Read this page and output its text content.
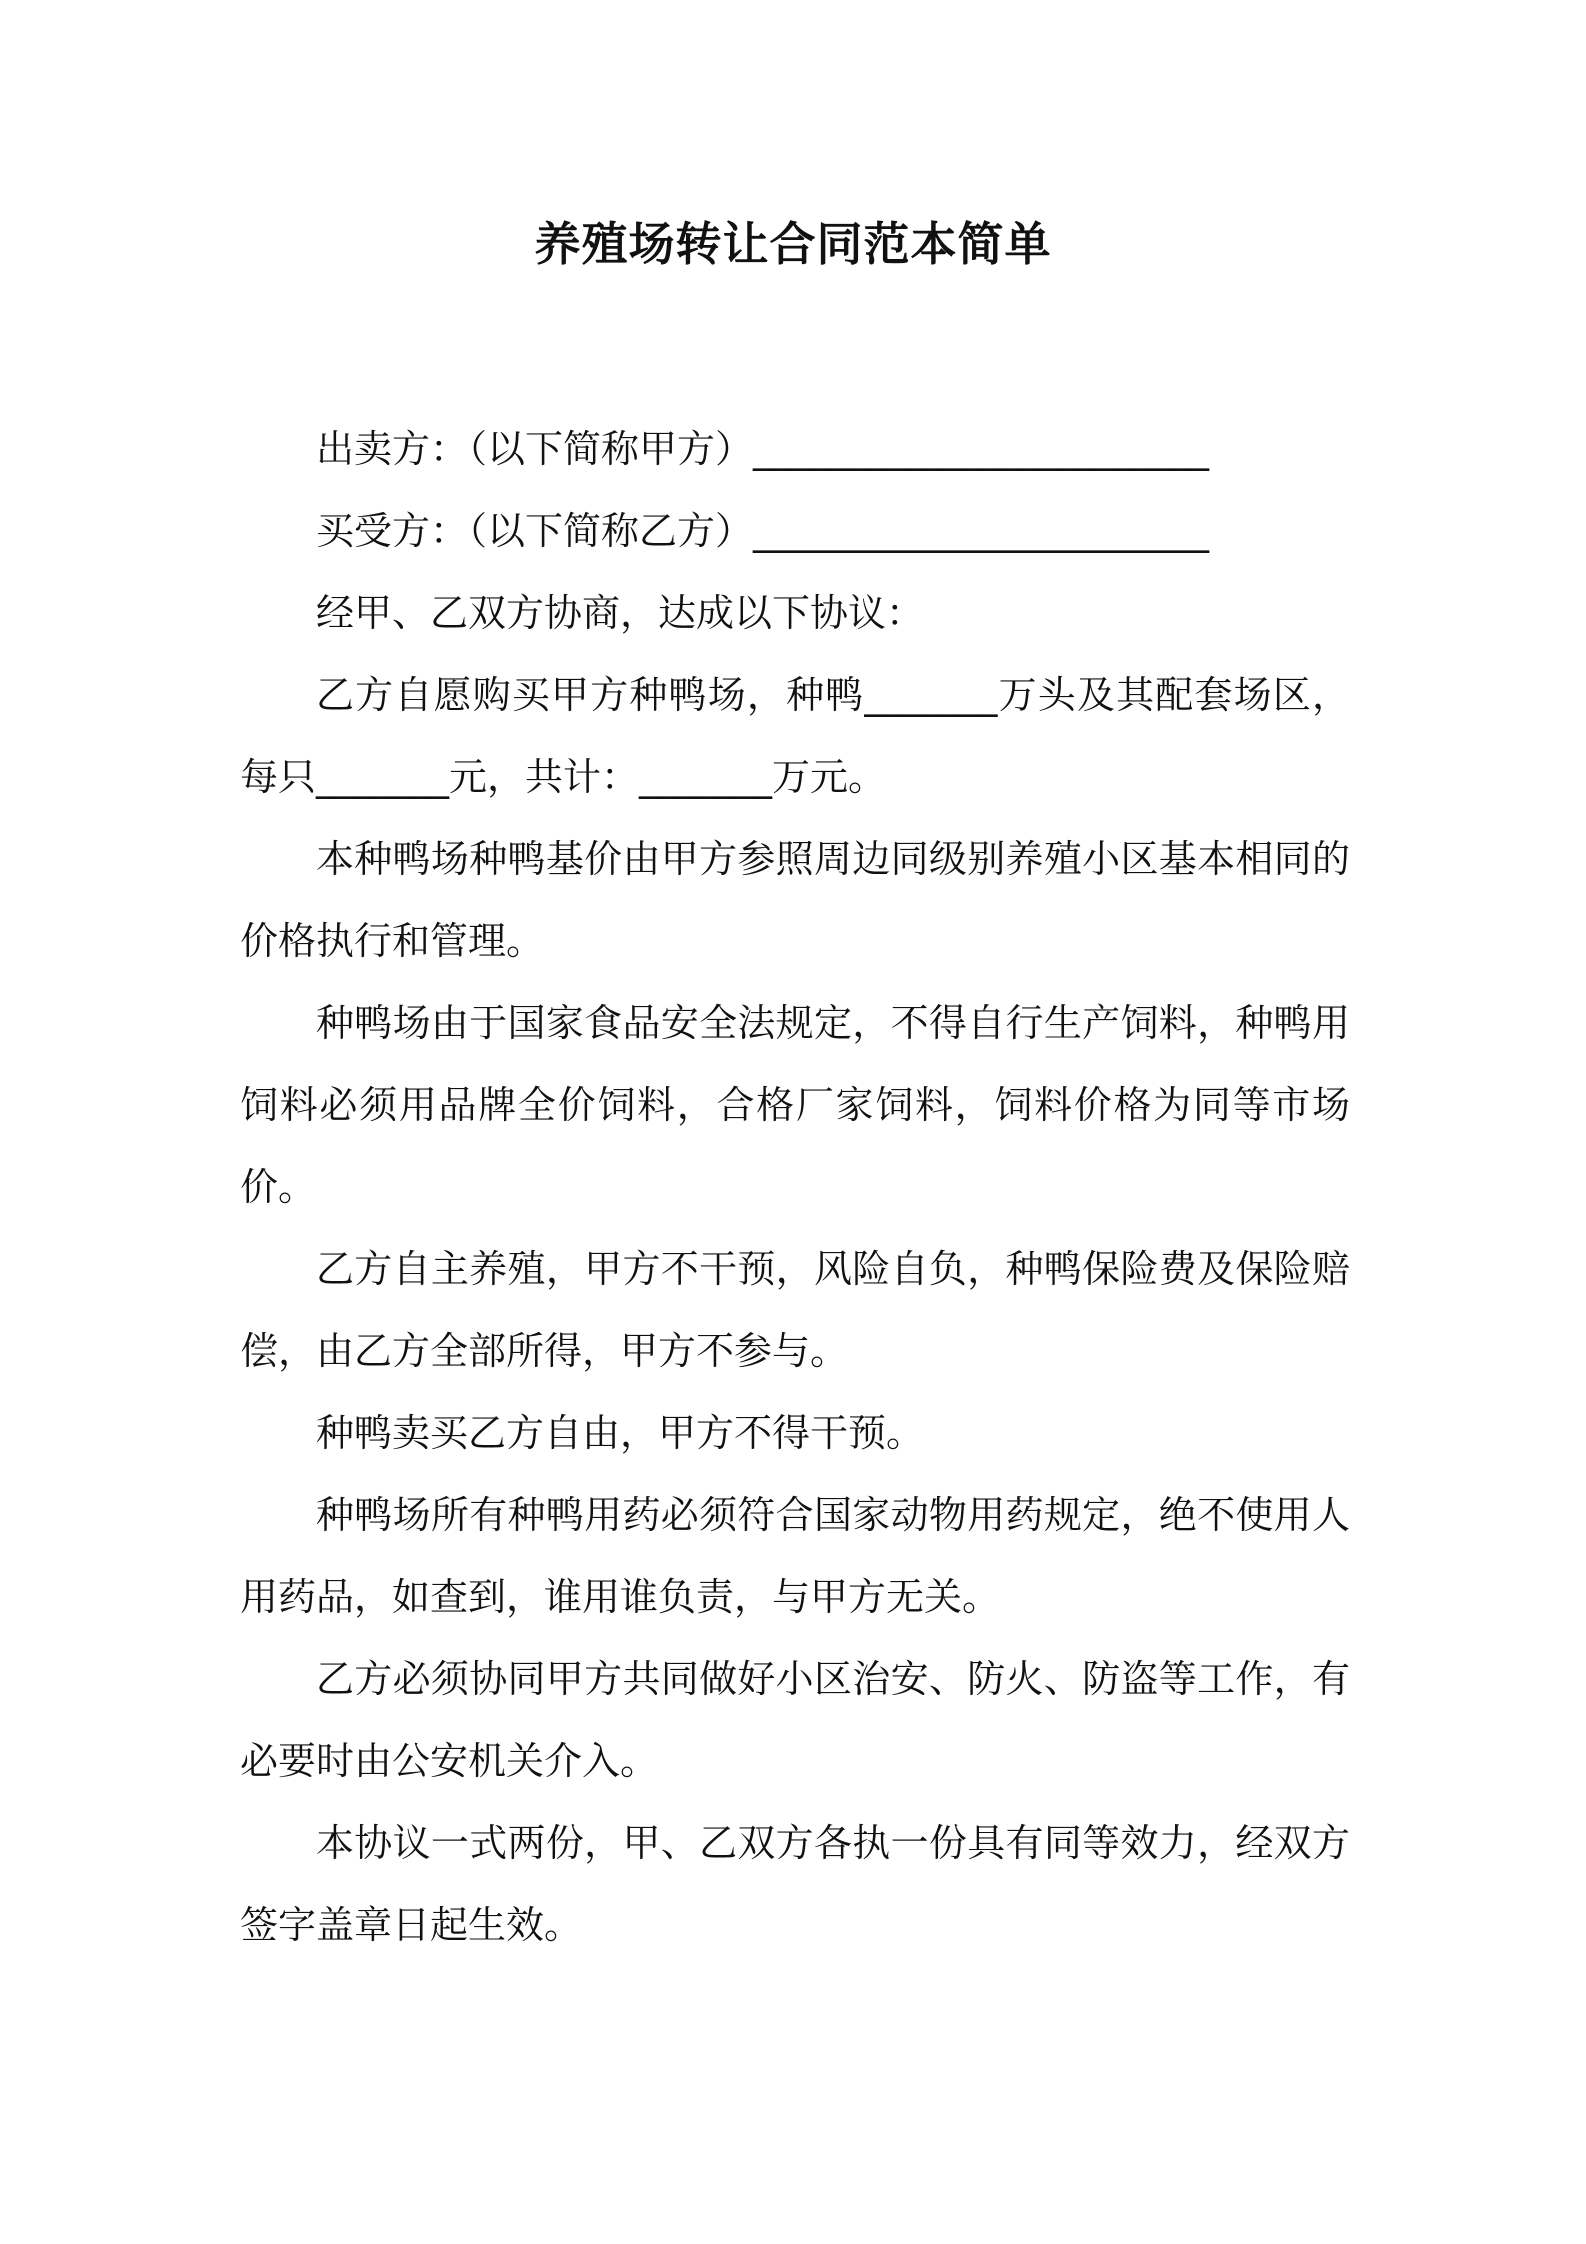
养殖场转让合同范本简单

出卖方：（以下简称甲方）________________________

买受方：（以下简称乙方）________________________

经甲、乙双方协商，达成以下协议：

乙方自愿购买甲方种鸭场，种鸭_______万头及其配套场区，每只_______元，共计：_______万元。

本种鸭场种鸭基价由甲方参照周边同级别养殖小区基本相同的价格执行和管理。

种鸭场由于国家食品安全法规定，不得自行生产饲料，种鸭用饲料必须用品牌全价饲料，合格厂家饲料，饲料价格为同等市场价。

乙方自主养殖，甲方不干预，风险自负，种鸭保险费及保险赔偿，由乙方全部所得，甲方不参与。

种鸭卖买乙方自由，甲方不得干预。

种鸭场所有种鸭用药必须符合国家动物用药规定，绝不使用人用药品，如查到，谁用谁负责，与甲方无关。

乙方必须协同甲方共同做好小区治安、防火、防盗等工作，有必要时由公安机关介入。

本协议一式两份，甲、乙双方各执一份具有同等效力，经双方签字盖章日起生效。
